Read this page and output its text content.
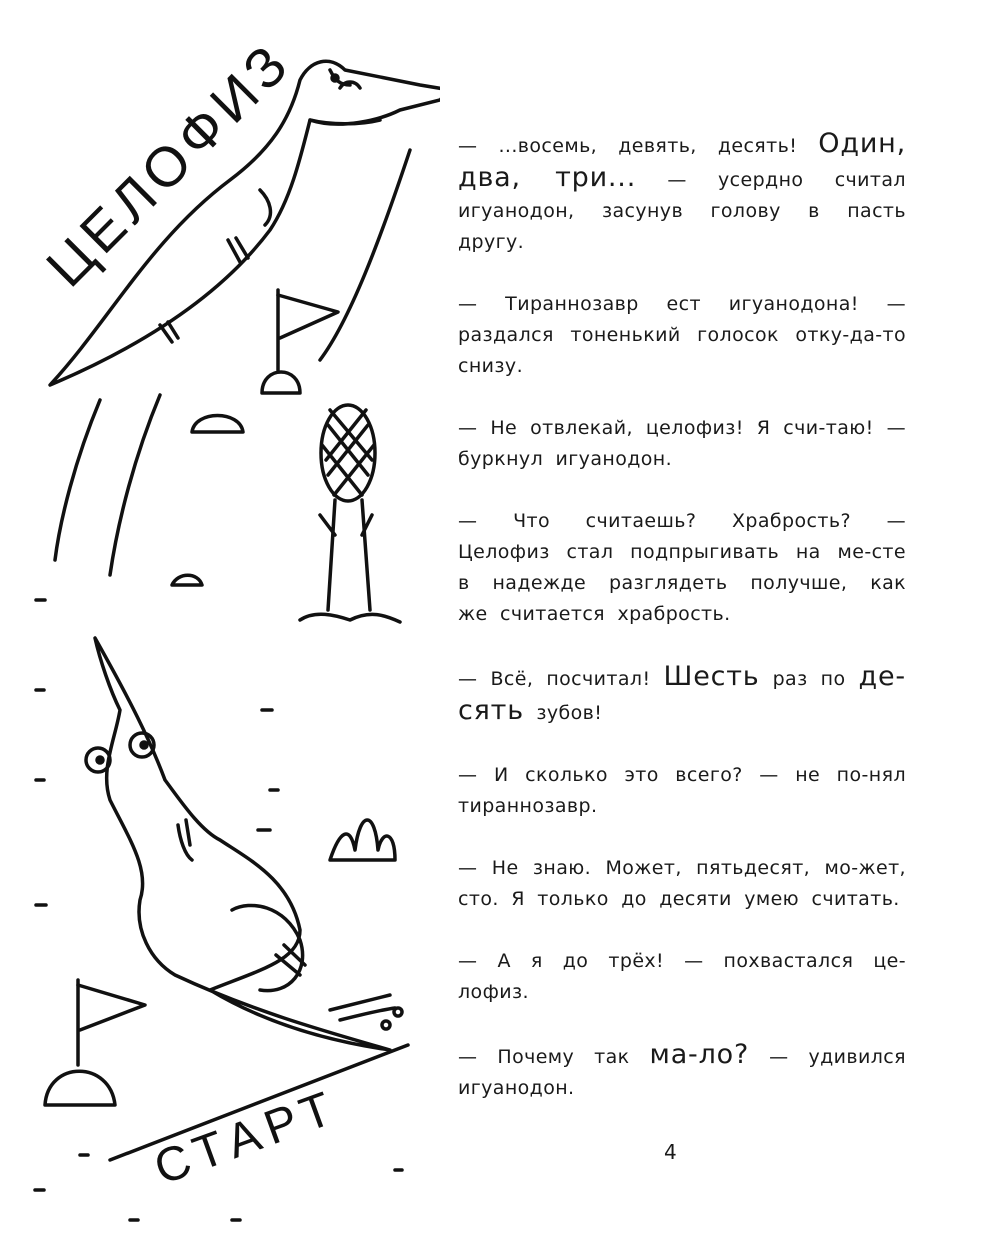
ЦЕЛОФИЗ
СТАРТ

— ...восемь, девять, десять! Один, два, три... — усердно считал игуанодон, засунув голову в пасть другу.

— Тираннозавр ест игуанодона! — раздался тоненький голосок отку-да-то снизу.

— Не отвлекай, целофиз! Я счи-таю! — буркнул игуанодон.

— Что считаешь? Храбрость? — Целофиз стал подпрыгивать на ме-сте в надежде разглядеть получше, как же считается храбрость.

— Всё, посчитал! Шесть раз по де-сять зубов!

— И сколько это всего? — не по-нял тираннозавр.

— Не знаю. Может, пятьдесят, мо-жет, сто. Я только до десяти умею считать.

— А я до трёх! — похвастался це-лофиз.

— Почему так ма-ло? — удивился игуанодон.

4
